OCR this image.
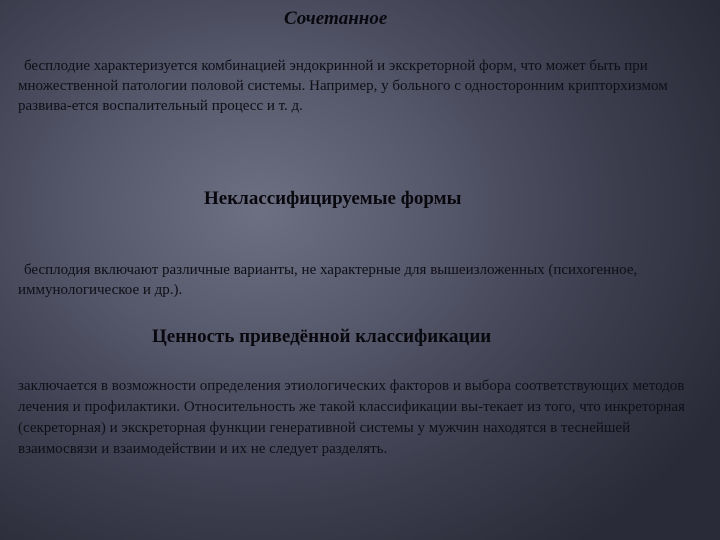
Сочетанное
бесплодие характеризуется комбинацией эндокринной и экскреторной форм, что может быть при множественной патологии половой системы. Например, у больного с односторонним крипторхизмом развива-ется воспалительный процесс и т. д.
Неклассифицируемые формы
бесплодия включают различные варианты, не характерные для вышеизложенных (психогенное, иммунологическое и др.).
Ценность приведённой классификации
заключается в возможности определения этиологических факторов и выбора соответствующих методов лечения и профилактики. Относительность же такой классификации вы-текает из того, что инкреторная (секреторная) и экскреторная функции генеративной системы у мужчин находятся в теснейшей взаимосвязи и взаимодействии и их не следует разделять.
